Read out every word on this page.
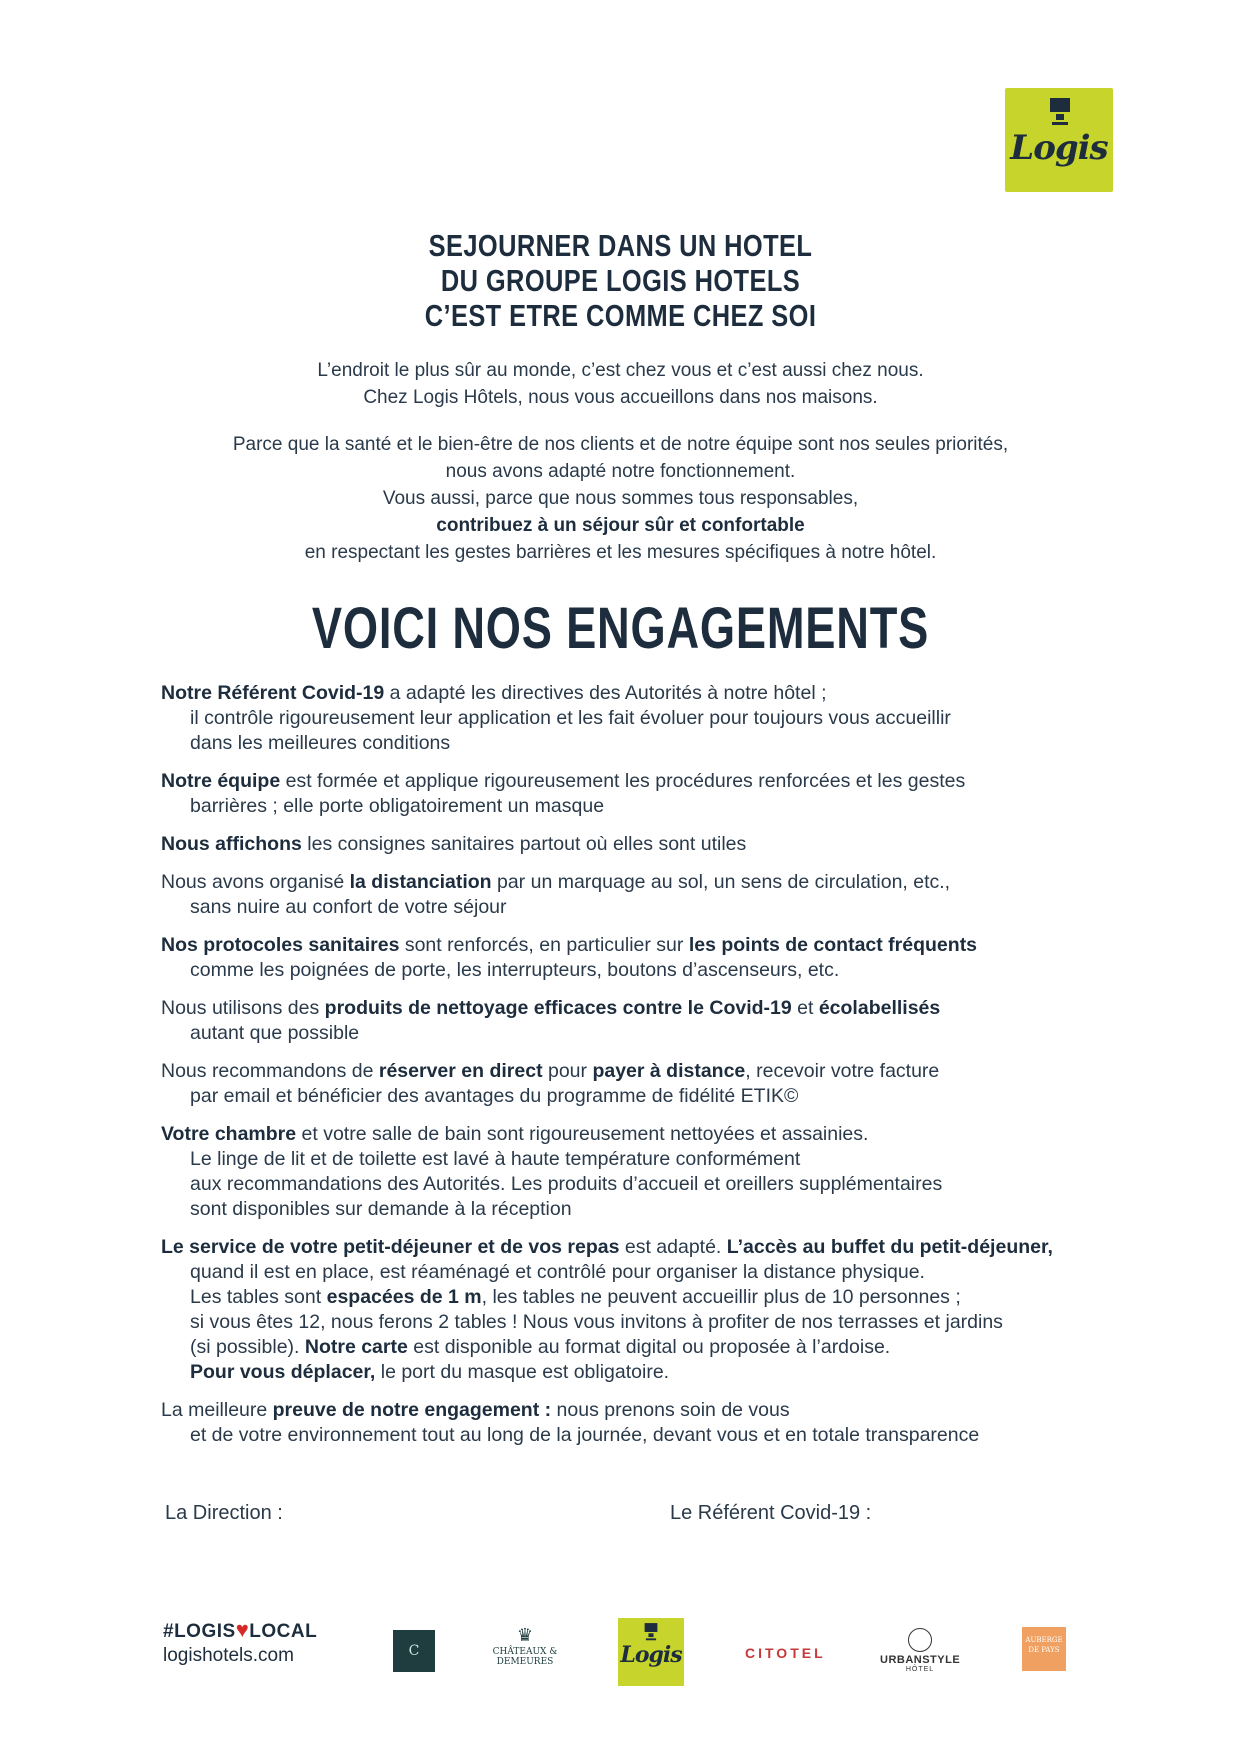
Logis
SEJOURNER DANS UN HOTEL
DU GROUPE LOGIS HOTELS
C’EST ETRE COMME CHEZ SOI
L’endroit le plus sûr au monde, c’est chez vous et c’est aussi chez nous.
Chez Logis Hôtels, nous vous accueillons dans nos maisons.
Parce que la santé et le bien-être de nos clients et de notre équipe sont nos seules priorités,
nous avons adapté notre fonctionnement.
Vous aussi, parce que nous sommes tous responsables,
contribuez à un séjour sûr et confortable
en respectant les gestes barrières et les mesures spécifiques à notre hôtel.
VOICI NOS ENGAGEMENTS
Notre Référent Covid-19 a adapté les directives des Autorités à notre hôtel ;
il contrôle rigoureusement leur application et les fait évoluer pour toujours vous accueillir
dans les meilleures conditions
Notre équipe est formée et applique rigoureusement les procédures renforcées et les gestes
barrières ; elle porte obligatoirement un masque
Nous affichons les consignes sanitaires partout où elles sont utiles
Nous avons organisé la distanciation par un marquage au sol, un sens de circulation, etc.,
sans nuire au confort de votre séjour
Nos protocoles sanitaires sont renforcés, en particulier sur les points de contact fréquents
comme les poignées de porte, les interrupteurs, boutons d’ascenseurs, etc.
Nous utilisons des produits de nettoyage efficaces contre le Covid-19 et écolabellisés
autant que possible
Nous recommandons de réserver en direct pour payer à distance, recevoir votre facture
par email et bénéficier des avantages du programme de fidélité ETIK©
Votre chambre et votre salle de bain sont rigoureusement nettoyées et assainies.
Le linge de lit et de toilette est lavé à haute température conformément
aux recommandations des Autorités. Les produits d’accueil et oreillers supplémentaires
sont disponibles sur demande à la réception
Le service de votre petit-déjeuner et de vos repas est adapté. L’accès au buffet du petit-déjeuner,
quand il est en place, est réaménagé et contrôlé pour organiser la distance physique.
Les tables sont espacées de 1 m, les tables ne peuvent accueillir plus de 10 personnes ;
si vous êtes 12, nous ferons 2 tables ! Nous vous invitons à profiter de nos terrasses et jardins
(si possible). Notre carte est disponible au format digital ou proposée à l’ardoise.
Pour vous déplacer, le port du masque est obligatoire.
La meilleure preuve de notre engagement : nous prenons soin de vous
et de votre environnement tout au long de la journée, devant vous et en totale transparence
La Direction :	Le Référent Covid-19 :
#LOGIS♥LOCAL
logishotels.com	C
♛
CHÂTEAUX & DEMEURES	Logis	CITOTEL	URBANSTYLE
HÔTEL
AUBERGE DE PAYS
